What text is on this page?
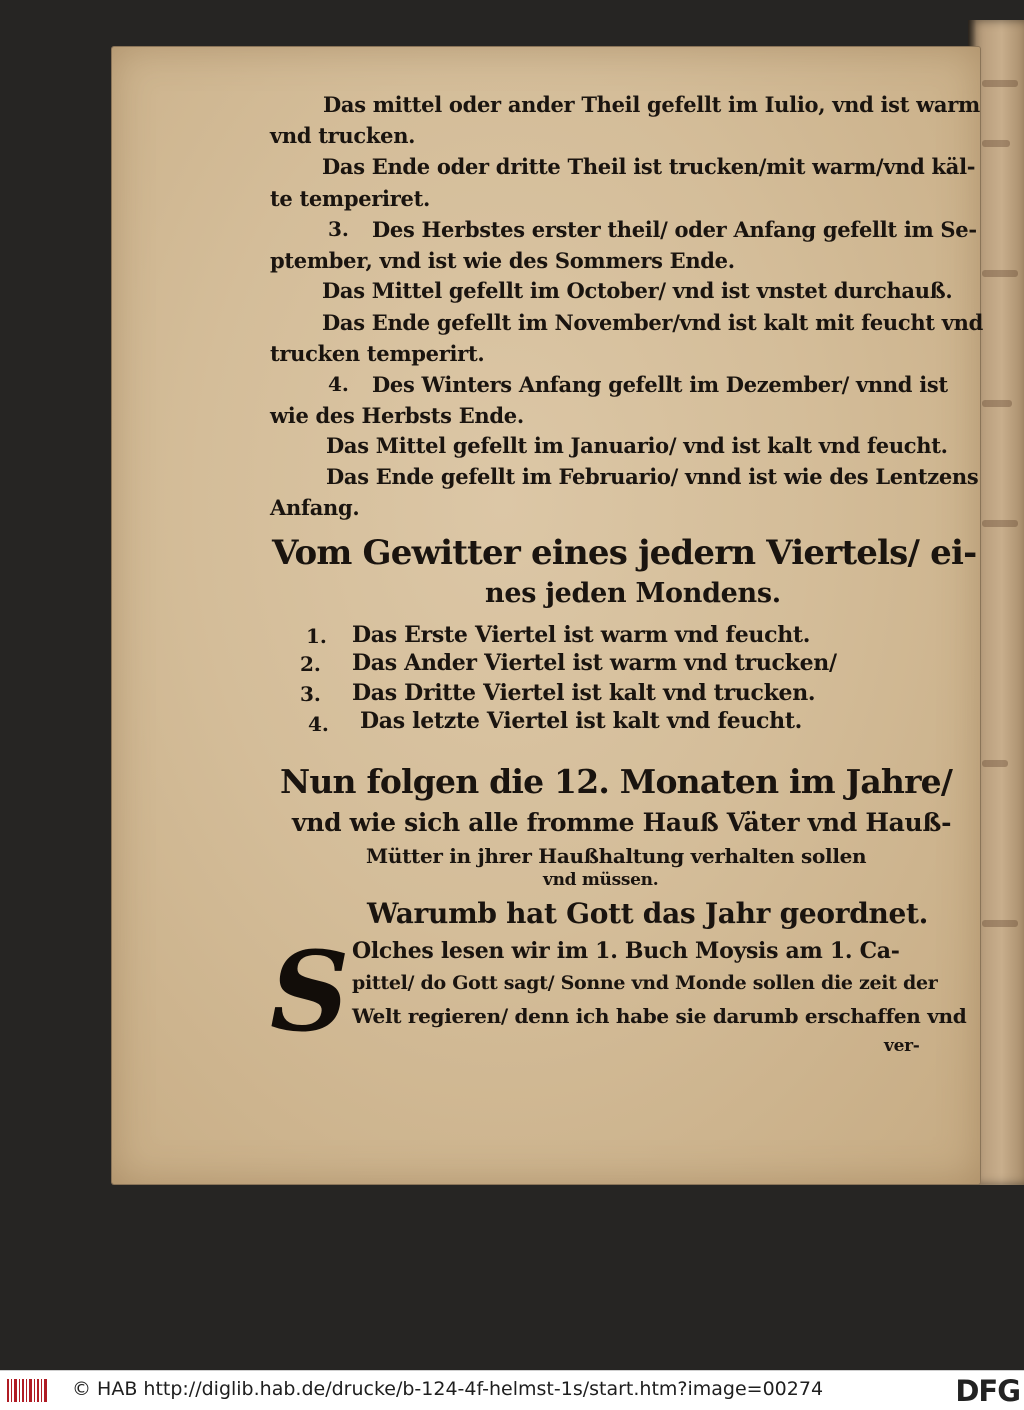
Das mittel oder ander Theil gefellt im Iulio, vnd ist warm
vnd trucken.
Das Ende oder dritte Theil ist trucken/mit warm/vnd käl-
te temperiret.
3. Des Herbstes erster theil/ oder Anfang gefellt im Se-
ptember, vnd ist wie des Sommers Ende.
Das Mittel gefellt im October/ vnd ist vnstet durchauß.
Das Ende gefellt im November/vnd ist kalt mit feucht vnd
trucken temperirt.
4. Des Winters Anfang gefellt im Dezember/ vnnd ist
wie des Herbsts Ende.
Das Mittel gefellt im Januario/ vnd ist kalt vnd feucht.
Das Ende gefellt im Februario/ vnnd ist wie des Lentzens
Anfang.
Vom Gewitter eines jedern Viertels/ ei-
nes jeden Mondens.
1. Das Erste Viertel ist warm vnd feucht.
2. Das Ander Viertel ist warm vnd trucken/
3. Das Dritte Viertel ist kalt vnd trucken.
4. Das letzte Viertel ist kalt vnd feucht.
Nun folgen die 12. Monaten im Jahre/
vnd wie sich alle fromme Hauß Väter vnd Hauß-
Mütter in jhrer Haußhaltung verhalten sollen
vnd müssen.
Warumb hat Gott das Jahr geordnet.
S Olches lesen wir im 1. Buch Moysis am 1. Ca-
pittel/ do Gott sagt/ Sonne vnd Monde sollen die zeit der
Welt regieren/ denn ich habe sie darumb erschaffen vnd
ver-
© HAB http://diglib.hab.de/drucke/b-124-4f-helmst-1s/start.htm?image=00274	DFG
